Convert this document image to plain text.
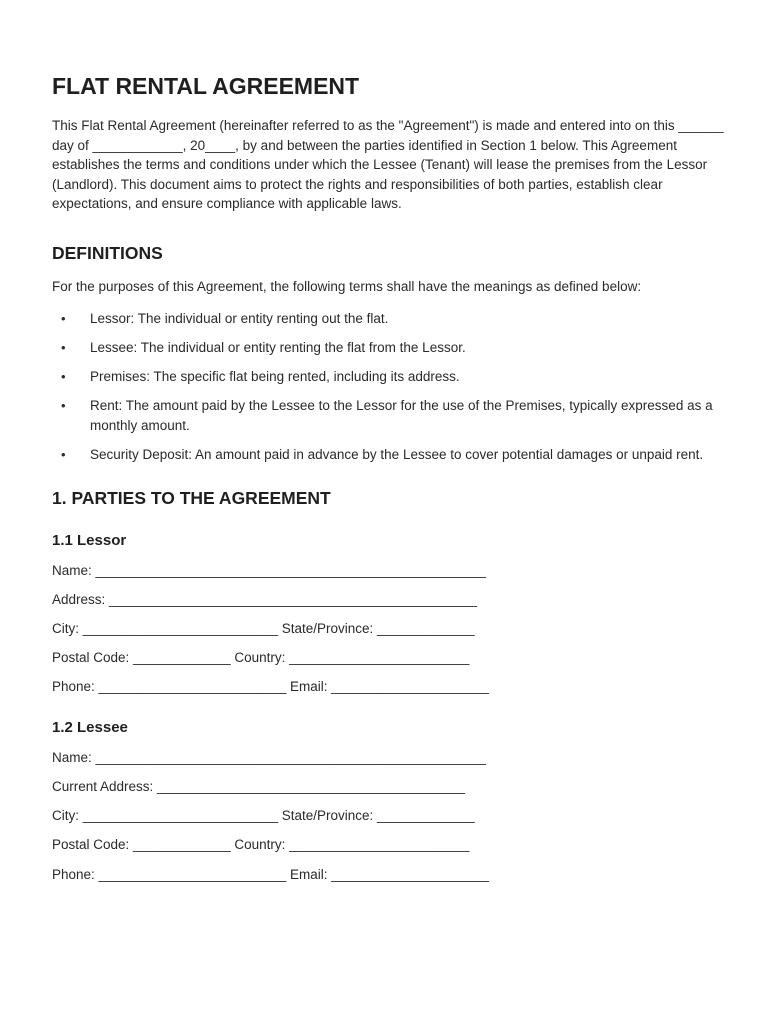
FLAT RENTAL AGREEMENT

This Flat Rental Agreement (hereinafter referred to as the "Agreement") is made and entered into on this ______ day of ____________, 20____, by and between the parties identified in Section 1 below. This Agreement establishes the terms and conditions under which the Lessee (Tenant) will lease the premises from the Lessor (Landlord). This document aims to protect the rights and responsibilities of both parties, establish clear expectations, and ensure compliance with applicable laws.

DEFINITIONS

For the purposes of this Agreement, the following terms shall have the meanings as defined below:

• Lessor: The individual or entity renting out the flat.
• Lessee: The individual or entity renting the flat from the Lessor.
• Premises: The specific flat being rented, including its address.
• Rent: The amount paid by the Lessee to the Lessor for the use of the Premises, typically expressed as a monthly amount.
• Security Deposit: An amount paid in advance by the Lessee to cover potential damages or unpaid rent.
1. PARTIES TO THE AGREEMENT
1.1 Lessor
Name: ____________________________________________________
Address: _________________________________________________
City: __________________________ State/Province: _____________
Postal Code: _____________ Country: ________________________
Phone: _________________________ Email: _____________________
1.2 Lessee
Name: ____________________________________________________
Current Address: _________________________________________
City: __________________________ State/Province: _____________
Postal Code: _____________ Country: ________________________
Phone: _________________________ Email: _____________________
